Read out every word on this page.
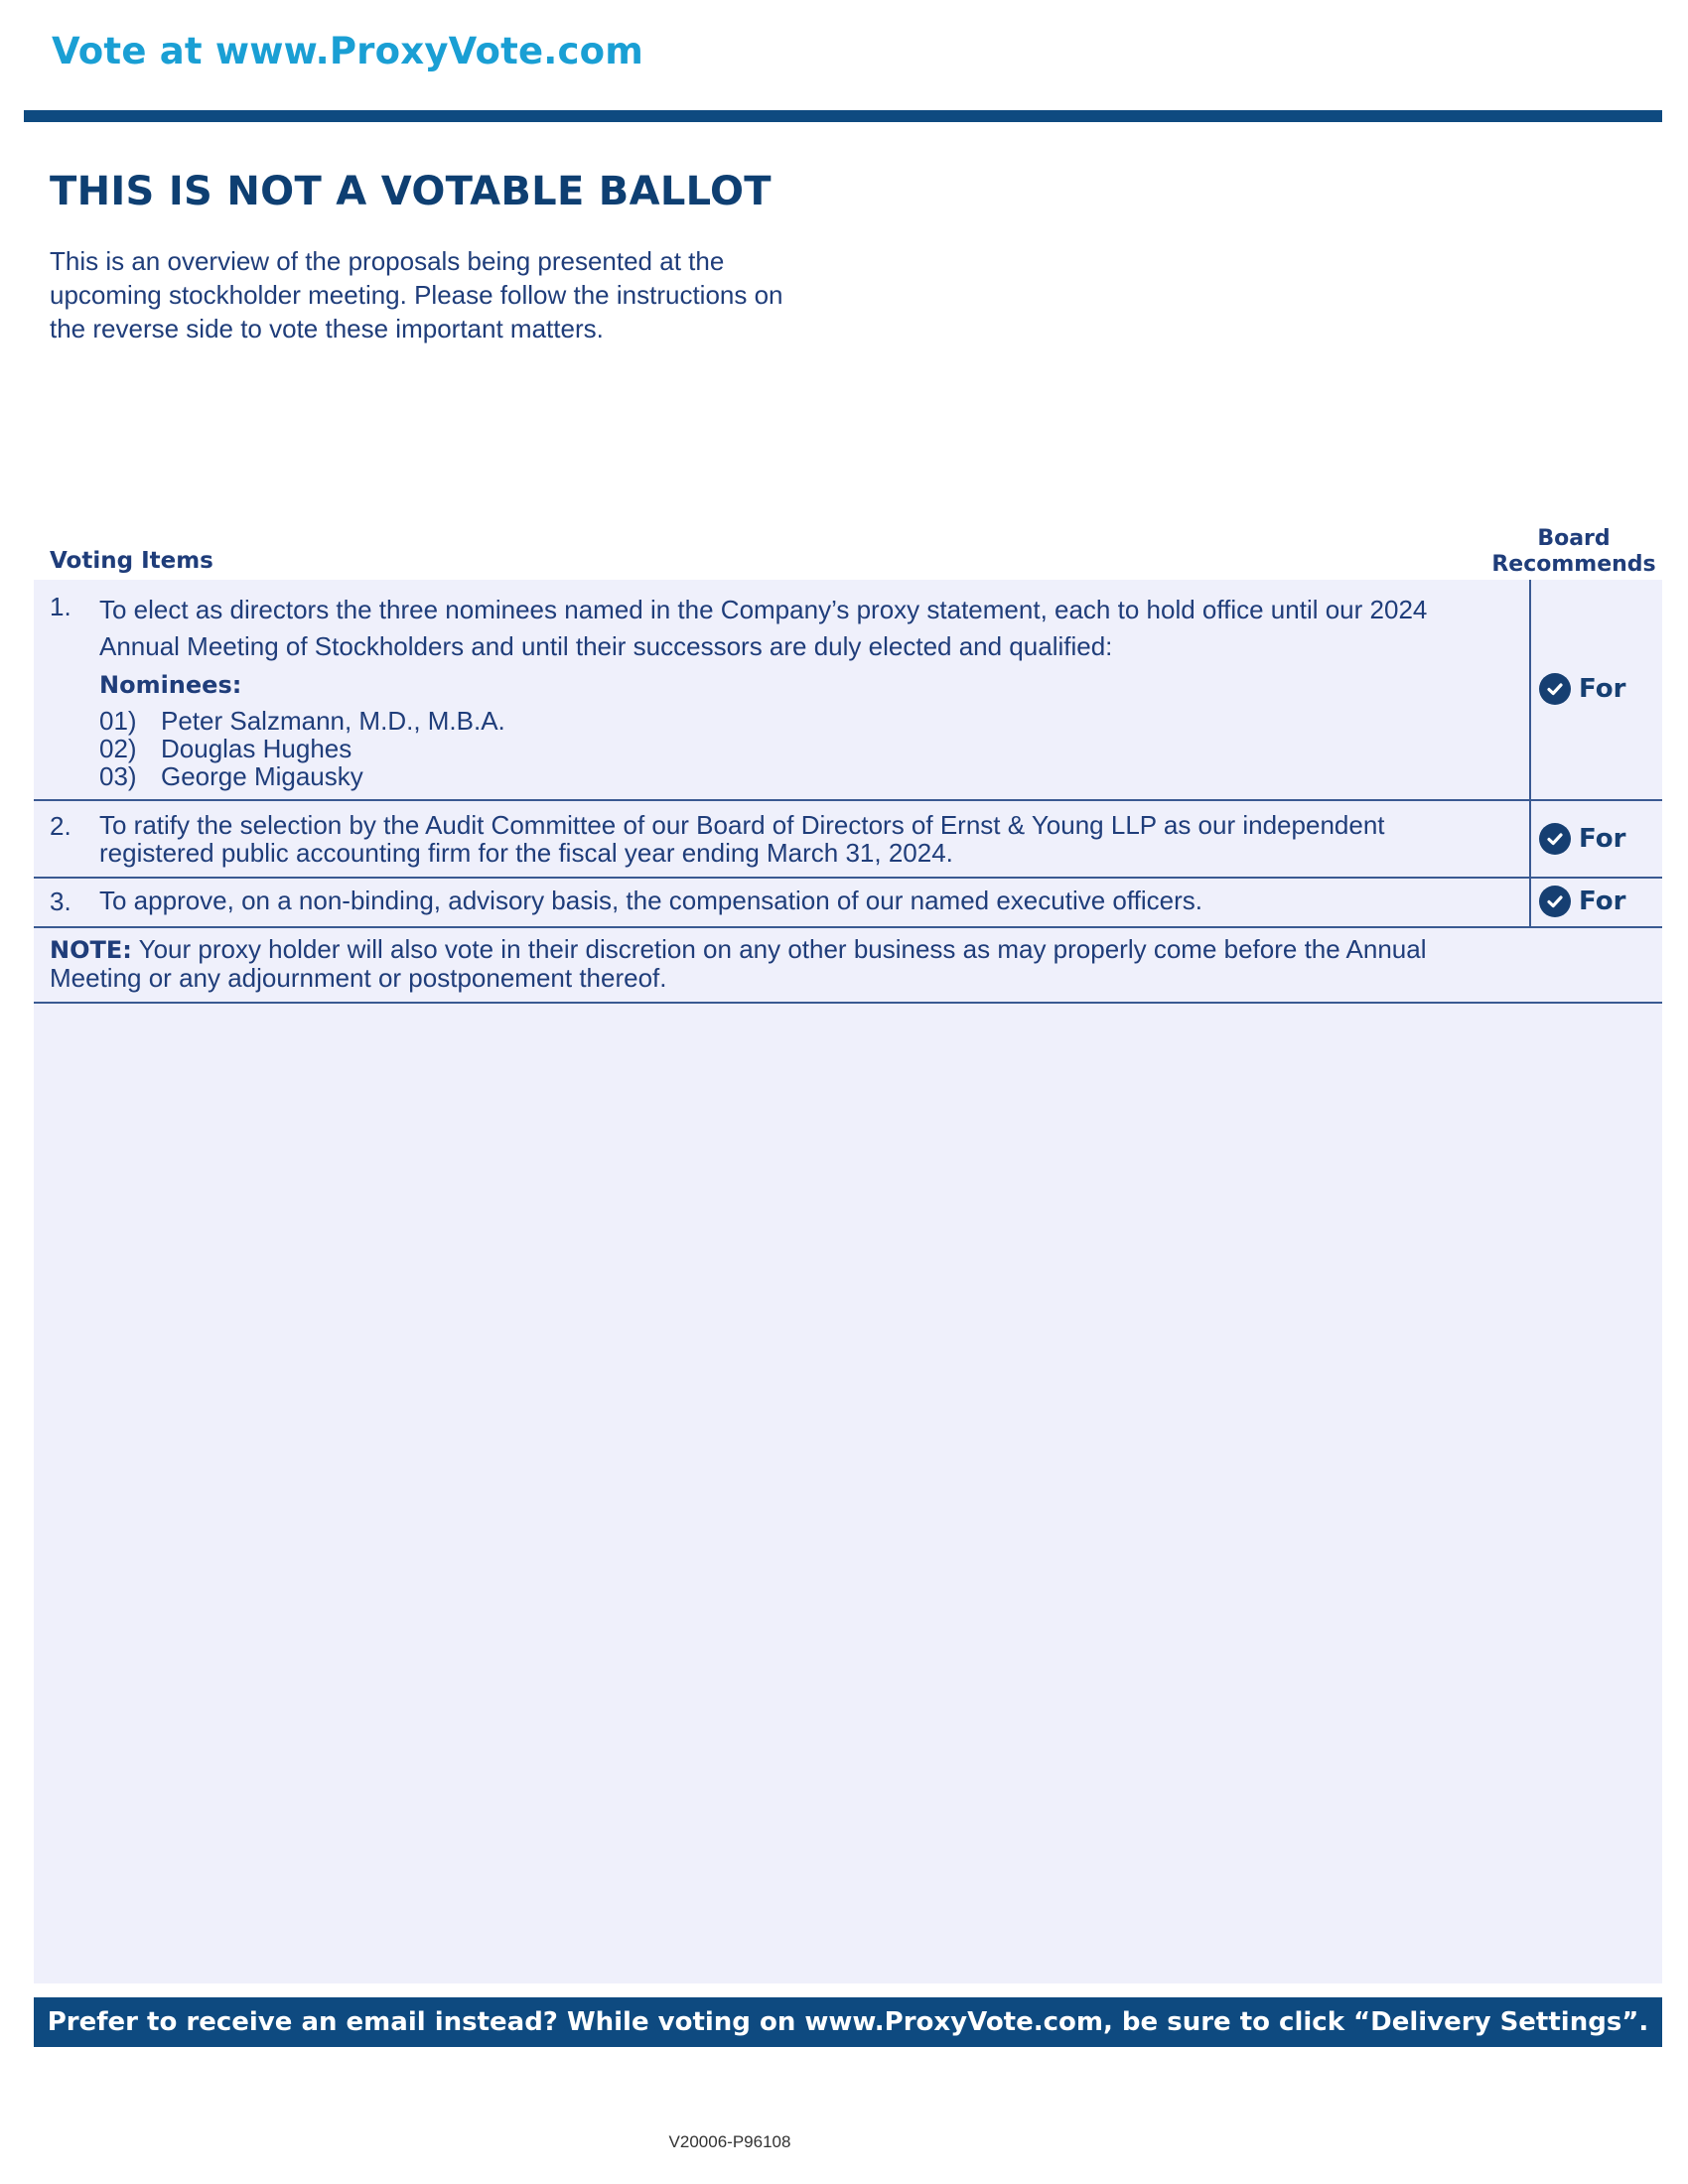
Vote at www.ProxyVote.com
THIS IS NOT A VOTABLE BALLOT
This is an overview of the proposals being presented at the
upcoming stockholder meeting. Please follow the instructions on
the reverse side to vote these important matters.
Voting Items
Board
Recommends
1. To elect as directors the three nominees named in the Company’s proxy statement, each to hold office until our 2024
Annual Meeting of Stockholders and until their successors are duly elected and qualified:
Nominees:
01) Peter Salzmann, M.D., M.B.A.
02) Douglas Hughes
03) George Migausky
For
2. To ratify the selection by the Audit Committee of our Board of Directors of Ernst & Young LLP as our independent
registered public accounting firm for the fiscal year ending March 31, 2024.	For
3. To approve, on a non-binding, advisory basis, the compensation of our named executive officers.	For
NOTE: Your proxy holder will also vote in their discretion on any other business as may properly come before the Annual
Meeting or any adjournment or postponement thereof.
Prefer to receive an email instead? While voting on www.ProxyVote.com, be sure to click “Delivery Settings”.
V20006-P96108
